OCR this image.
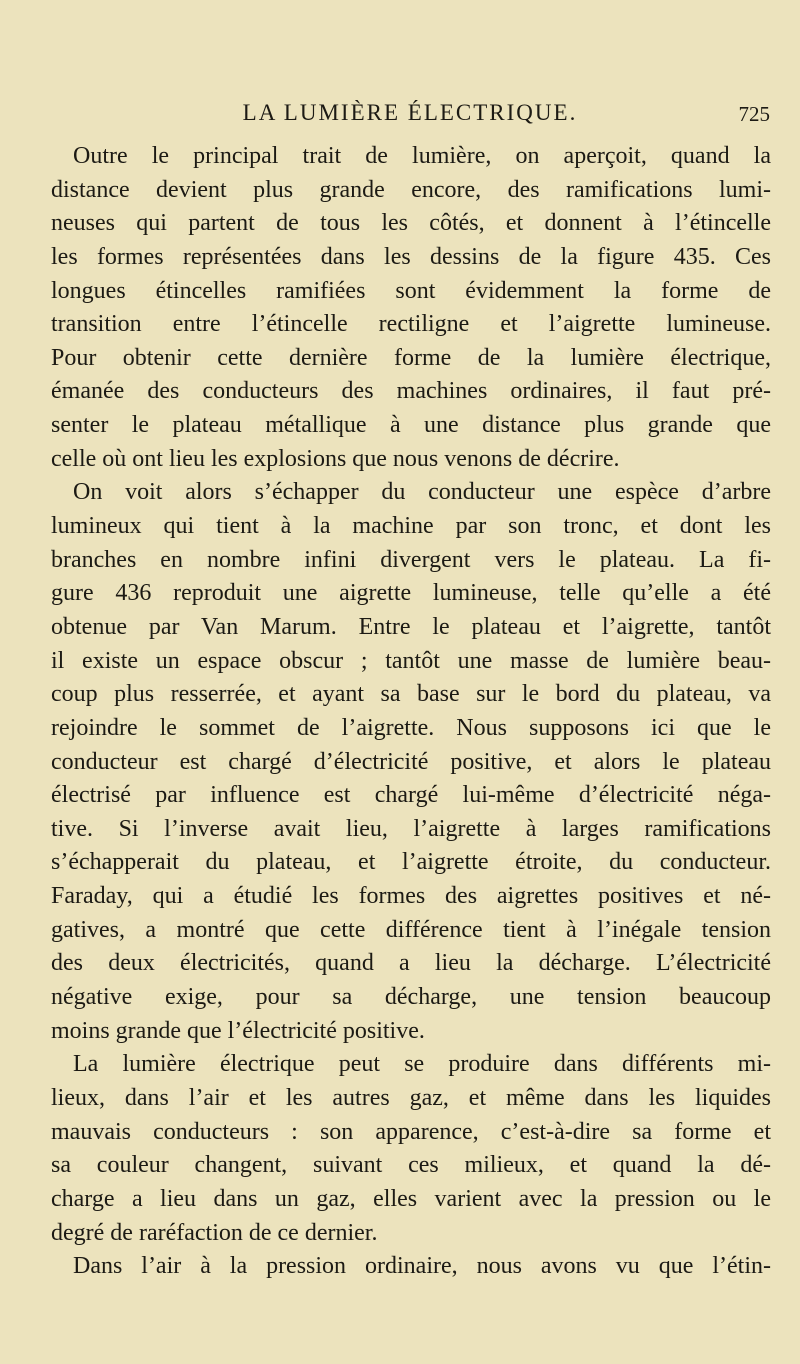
LA LUMIÈRE ÉLECTRIQUE.	725
Outre le principal trait de lumière, on aperçoit, quand la
distance devient plus grande encore, des ramifications lumi-
neuses qui partent de tous les côtés, et donnent à l’étincelle
les formes représentées dans les dessins de la figure 435. Ces
longues étincelles ramifiées sont évidemment la forme de
transition entre l’étincelle rectiligne et l’aigrette lumineuse.
Pour obtenir cette dernière forme de la lumière électrique,
émanée des conducteurs des machines ordinaires, il faut pré-
senter le plateau métallique à une distance plus grande que
celle où ont lieu les explosions que nous venons de décrire.
On voit alors s’échapper du conducteur une espèce d’arbre
lumineux qui tient à la machine par son tronc, et dont les
branches en nombre infini divergent vers le plateau. La fi-
gure 436 reproduit une aigrette lumineuse, telle qu’elle a été
obtenue par Van Marum. Entre le plateau et l’aigrette, tantôt
il existe un espace obscur ; tantôt une masse de lumière beau-
coup plus resserrée, et ayant sa base sur le bord du plateau, va
rejoindre le sommet de l’aigrette. Nous supposons ici que le
conducteur est chargé d’électricité positive, et alors le plateau
électrisé par influence est chargé lui-même d’électricité néga-
tive. Si l’inverse avait lieu, l’aigrette à larges ramifications
s’échapperait du plateau, et l’aigrette étroite, du conducteur.
Faraday, qui a étudié les formes des aigrettes positives et né-
gatives, a montré que cette différence tient à l’inégale tension
des deux électricités, quand a lieu la décharge. L’électricité
négative exige, pour sa décharge, une tension beaucoup
moins grande que l’électricité positive.
La lumière électrique peut se produire dans différents mi-
lieux, dans l’air et les autres gaz, et même dans les liquides
mauvais conducteurs : son apparence, c’est-à-dire sa forme et
sa couleur changent, suivant ces milieux, et quand la dé-
charge a lieu dans un gaz, elles varient avec la pression ou le
degré de raréfaction de ce dernier.
Dans l’air à la pression ordinaire, nous avons vu que l’étin-
